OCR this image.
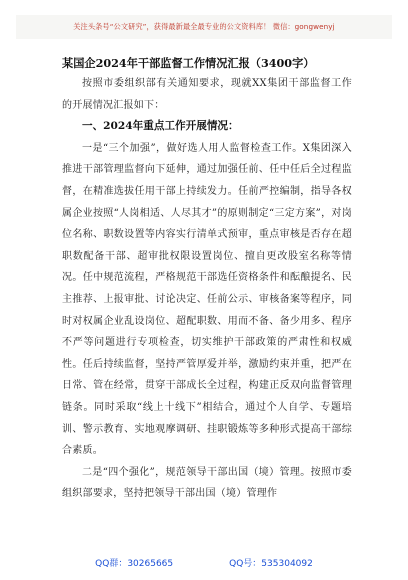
关注头条号“公文研究”，获得最新最全最专业的公文资料库！ 微信：gongwenyj
某国企2024年干部监督工作情况汇报（3400字）

按照市委组织部有关通知要求，现就XX集团干部监督工作的开展情况汇报如下：

一、2024年重点工作开展情况：

一是“三个加强”，做好选人用人监督检查工作。X集团深入推进干部管理监督向下延伸，通过加强任前、任中任后全过程监督，在精准选拔任用干部上持续发力。任前严控编制，指导各权属企业按照“人岗相适、人尽其才”的原则制定“三定方案”，对岗位名称、职数设置等内容实行清单式预审，重点审核是否存在超职数配备干部、超审批权限设置岗位、擅自更改股室名称等情况。任中规范流程，严格规范干部选任资格条件和酝酿提名、民主推荐、上报审批、讨论决定、任前公示、审核备案等程序，同时对权属企业乱设岗位、超配职数、用而不备、备少用多、程序不严等问题进行专项检查，切实维护干部政策的严肃性和权威性。任后持续监督，坚持严管厚爱并举，激励约束并重，把严在日常、管在经常，贯穿干部成长全过程，构建正反双向监督管理链条。同时采取“线上十线下”相结合，通过个人自学、专题培训、警示教育、实地观摩调研、挂职锻炼等多种形式提高干部综合素质。

二是“四个强化”，规范领导干部出国（境）管理。按照市委组织部要求，坚持把领导干部出国（境）管理作

QQ群：30265665	QQ号：535304092
